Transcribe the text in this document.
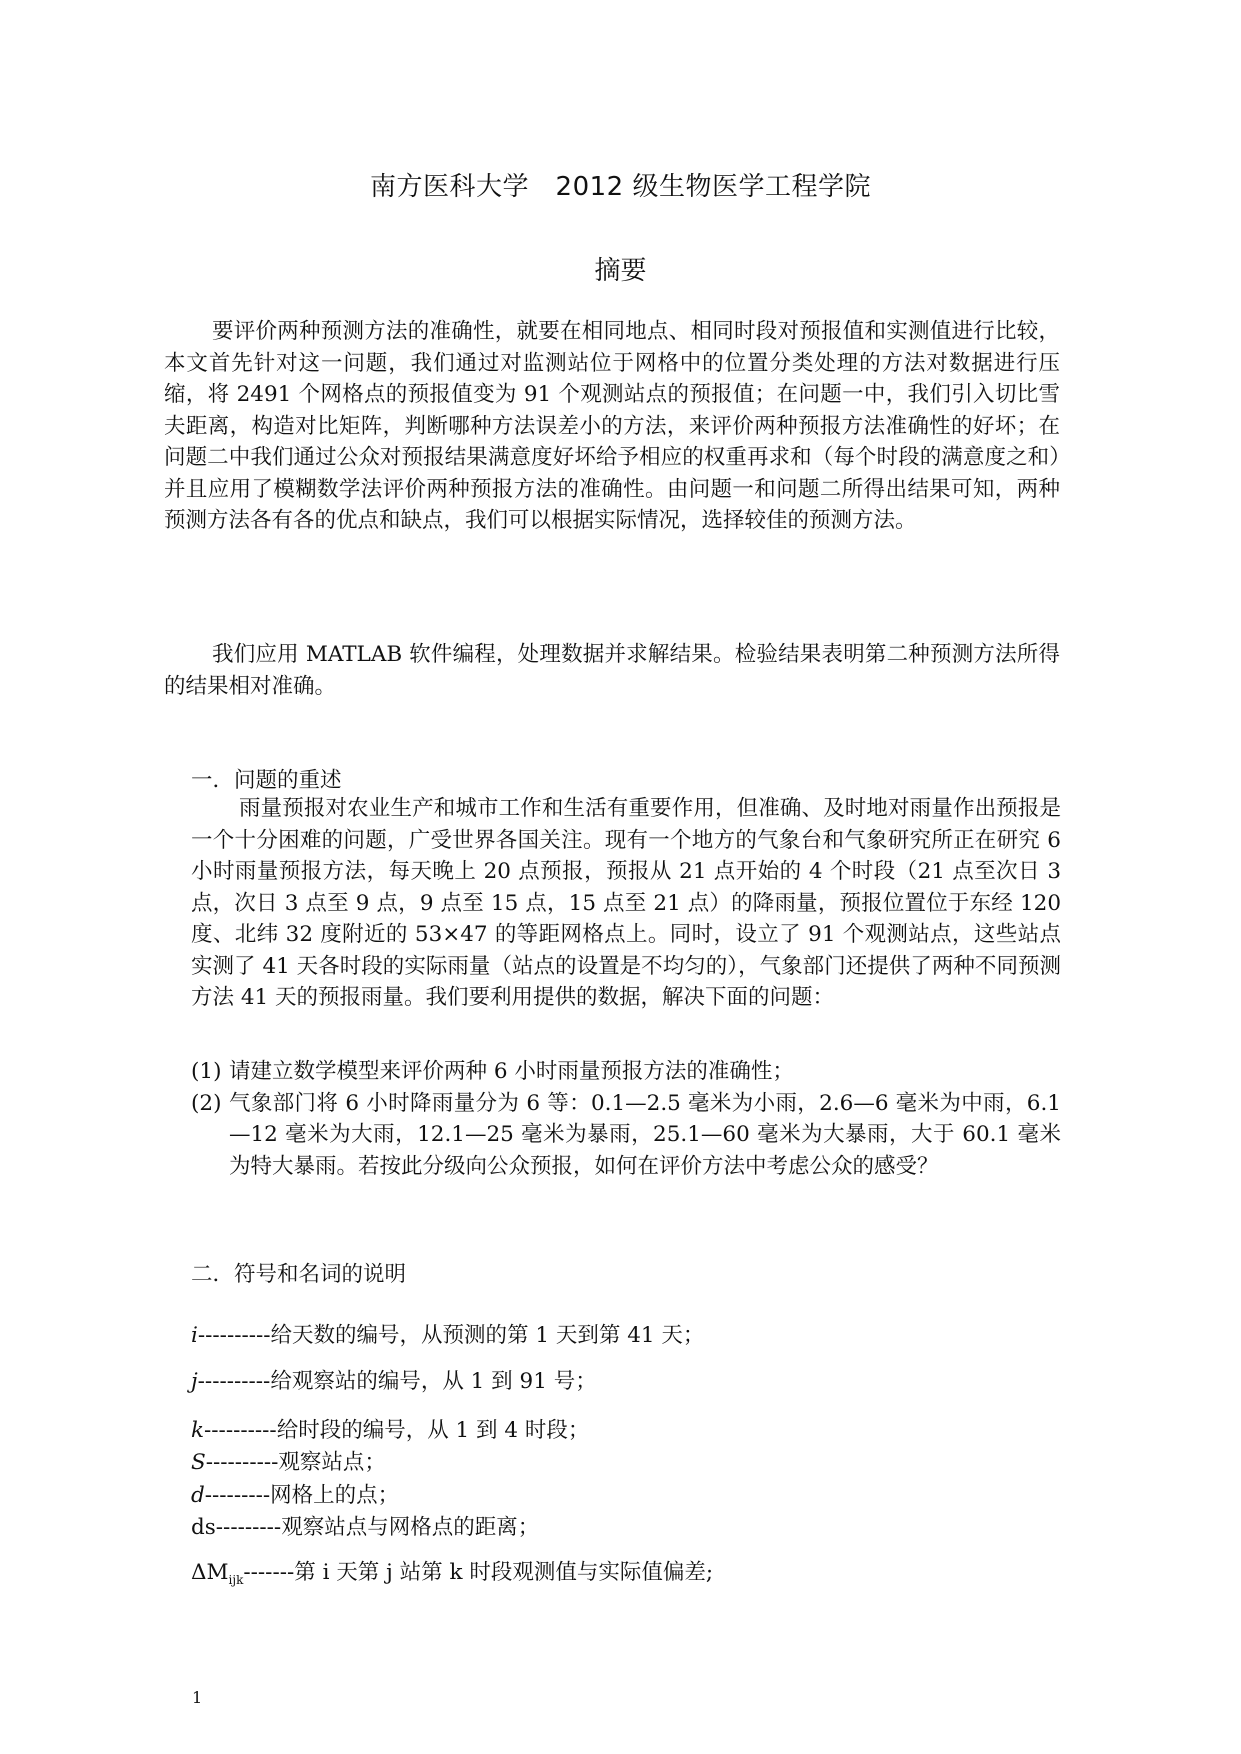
南方医科大学　2012 级生物医学工程学院
摘要

要评价两种预测方法的准确性，就要在相同地点、相同时段对预报值和实测值进行比较，本文首先针对这一问题，我们通过对监测站位于网格中的位置分类处理的方法对数据进行压缩，将 2491 个网格点的预报值变为 91 个观测站点的预报值；在问题一中，我们引入切比雪夫距离，构造对比矩阵，判断哪种方法误差小的方法，来评价两种预报方法准确性的好坏；在问题二中我们通过公众对预报结果满意度好坏给予相应的权重再求和（每个时段的满意度之和）并且应用了模糊数学法评价两种预报方法的准确性。由问题一和问题二所得出结果可知，两种预测方法各有各的优点和缺点，我们可以根据实际情况，选择较佳的预测方法。

我们应用 MATLAB 软件编程，处理数据并求解结果。检验结果表明第二种预测方法所得的结果相对准确。

一．问题的重述

雨量预报对农业生产和城市工作和生活有重要作用，但准确、及时地对雨量作出预报是一个十分困难的问题，广受世界各国关注。现有一个地方的气象台和气象研究所正在研究 6 小时雨量预报方法，每天晚上 20 点预报，预报从 21 点开始的 4 个时段（21 点至次日 3 点，次日 3 点至 9 点，9 点至 15 点，15 点至 21 点）的降雨量，预报位置位于东经 120 度、北纬 32 度附近的 53×47 的等距网格点上。同时，设立了 91 个观测站点，这些站点实测了 41 天各时段的实际雨量（站点的设置是不均匀的），气象部门还提供了两种不同预测方法 41 天的预报雨量。我们要利用提供的数据，解决下面的问题：

(1) 请建立数学模型来评价两种 6 小时雨量预报方法的准确性；
(2) 气象部门将 6 小时降雨量分为 6 等：0.1—2.5 毫米为小雨，2.6—6 毫米为中雨，6.1—12 毫米为大雨，12.1—25 毫米为暴雨，25.1—60 毫米为大暴雨，大于 60.1 毫米为特大暴雨。若按此分级向公众预报，如何在评价方法中考虑公众的感受？
二．符号和名词的说明
i----------给天数的编号，从预测的第 1 天到第 41 天；
j----------给观察站的编号，从 1 到 91 号；
k----------给时段的编号，从 1 到 4 时段；
S----------观察站点；
d---------网格上的点；
ds---------观察站点与网格点的距离；
$\Delta M_{ijk}-------$第 i 天第 j 站第 k 时段观测值与实际值偏差;
1
